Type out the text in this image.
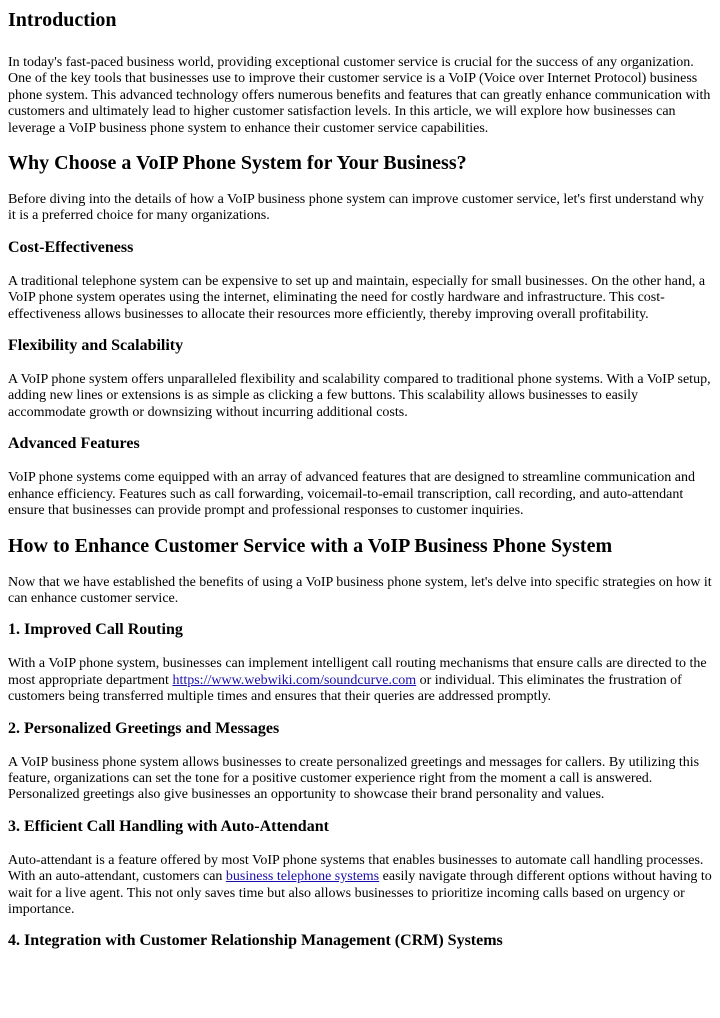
Introduction

In today's fast-paced business world, providing exceptional customer service is crucial for the success of any organization. One of the key tools that businesses use to improve their customer service is a VoIP (Voice over Internet Protocol) business phone system. This advanced technology offers numerous benefits and features that can greatly enhance communication with customers and ultimately lead to higher customer satisfaction levels. In this article, we will explore how businesses can leverage a VoIP business phone system to enhance their customer service capabilities.

Why Choose a VoIP Phone System for Your Business?

Before diving into the details of how a VoIP business phone system can improve customer service, let's first understand why it is a preferred choice for many organizations.

Cost-Effectiveness

A traditional telephone system can be expensive to set up and maintain, especially for small businesses. On the other hand, a VoIP phone system operates using the internet, eliminating the need for costly hardware and infrastructure. This cost-effectiveness allows businesses to allocate their resources more efficiently, thereby improving overall profitability.

Flexibility and Scalability

A VoIP phone system offers unparalleled flexibility and scalability compared to traditional phone systems. With a VoIP setup, adding new lines or extensions is as simple as clicking a few buttons. This scalability allows businesses to easily accommodate growth or downsizing without incurring additional costs.

Advanced Features

VoIP phone systems come equipped with an array of advanced features that are designed to streamline communication and enhance efficiency. Features such as call forwarding, voicemail-to-email transcription, call recording, and auto-attendant ensure that businesses can provide prompt and professional responses to customer inquiries.

How to Enhance Customer Service with a VoIP Business Phone System

Now that we have established the benefits of using a VoIP business phone system, let's delve into specific strategies on how it can enhance customer service.

1. Improved Call Routing

With a VoIP phone system, businesses can implement intelligent call routing mechanisms that ensure calls are directed to the most appropriate department https://www.webwiki.com/soundcurve.com or individual. This eliminates the frustration of customers being transferred multiple times and ensures that their queries are addressed promptly.

2. Personalized Greetings and Messages

A VoIP business phone system allows businesses to create personalized greetings and messages for callers. By utilizing this feature, organizations can set the tone for a positive customer experience right from the moment a call is answered. Personalized greetings also give businesses an opportunity to showcase their brand personality and values.

3. Efficient Call Handling with Auto-Attendant

Auto-attendant is a feature offered by most VoIP phone systems that enables businesses to automate call handling processes. With an auto-attendant, customers can business telephone systems easily navigate through different options without having to wait for a live agent. This not only saves time but also allows businesses to prioritize incoming calls based on urgency or importance.

4. Integration with Customer Relationship Management (CRM) Systems
